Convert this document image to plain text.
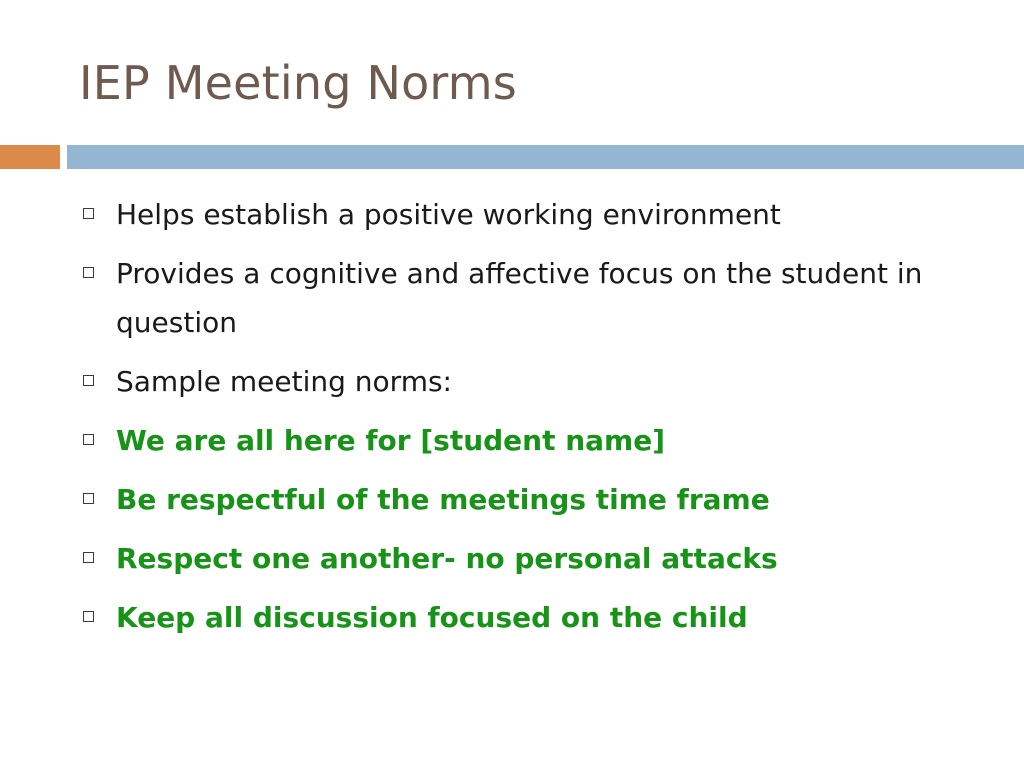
IEP Meeting Norms
Helps establish a positive working environment
Provides a cognitive and affective focus on the student in question
Sample meeting norms:
We are all here for [student name]
Be respectful of the meetings time frame
Respect one another- no personal attacks
Keep all discussion focused on the child
